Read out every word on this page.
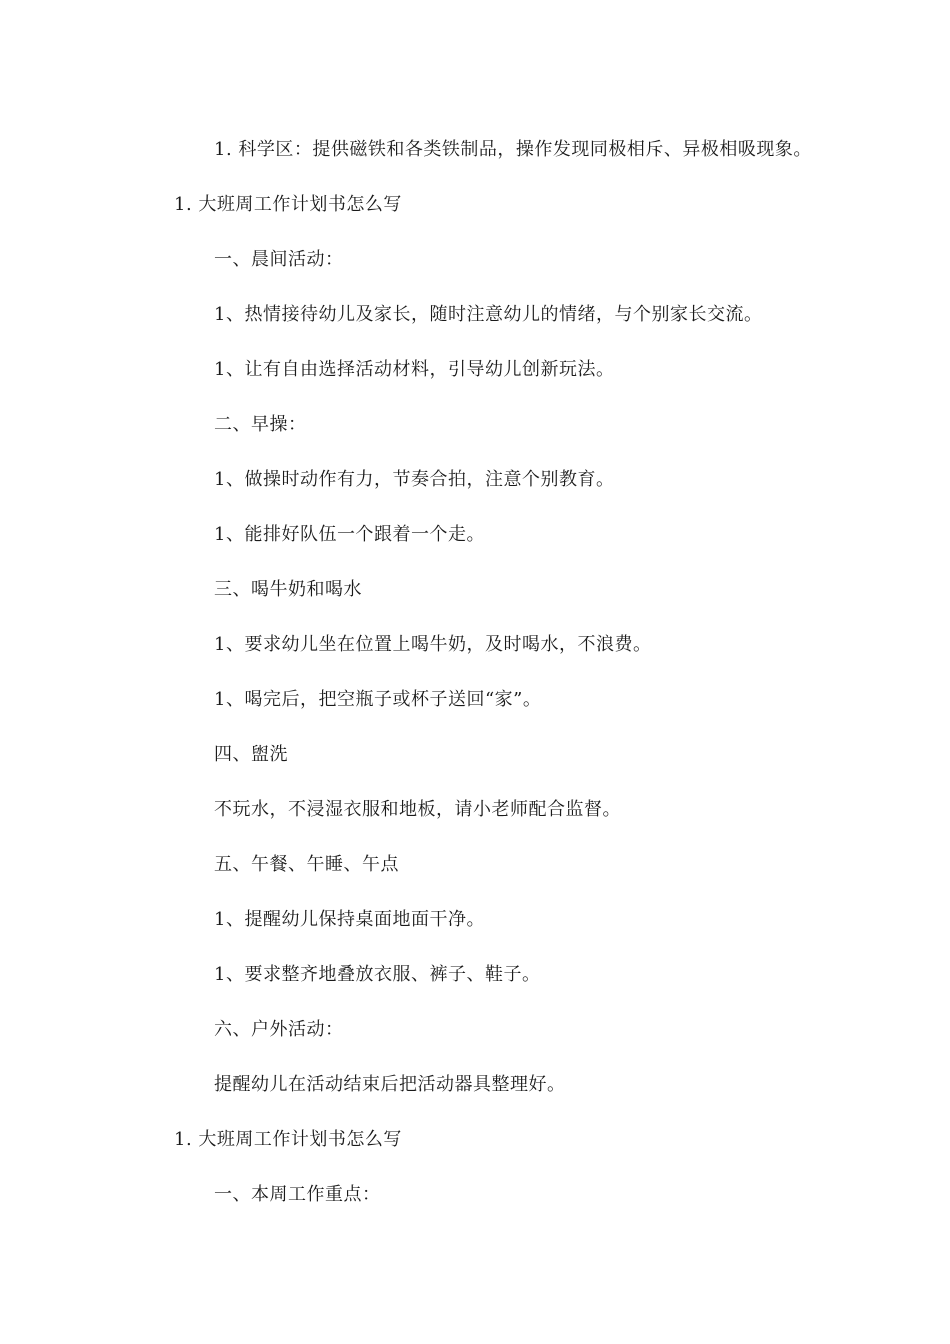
1. 科学区：提供磁铁和各类铁制品，操作发现同极相斥、异极相吸现象。
1. 大班周工作计划书怎么写
一、晨间活动：
1、热情接待幼儿及家长，随时注意幼儿的情绪，与个别家长交流。
1、让有自由选择活动材料，引导幼儿创新玩法。
二、早操：
1、做操时动作有力，节奏合拍，注意个别教育。
1、能排好队伍一个跟着一个走。
三、喝牛奶和喝水
1、要求幼儿坐在位置上喝牛奶，及时喝水，不浪费。
1、喝完后，把空瓶子或杯子送回“家”。
四、盥洗
不玩水，不浸湿衣服和地板，请小老师配合监督。
五、午餐、午睡、午点
1、提醒幼儿保持桌面地面干净。
1、要求整齐地叠放衣服、裤子、鞋子。
六、户外活动：
提醒幼儿在活动结束后把活动器具整理好。
1. 大班周工作计划书怎么写
一、本周工作重点：
